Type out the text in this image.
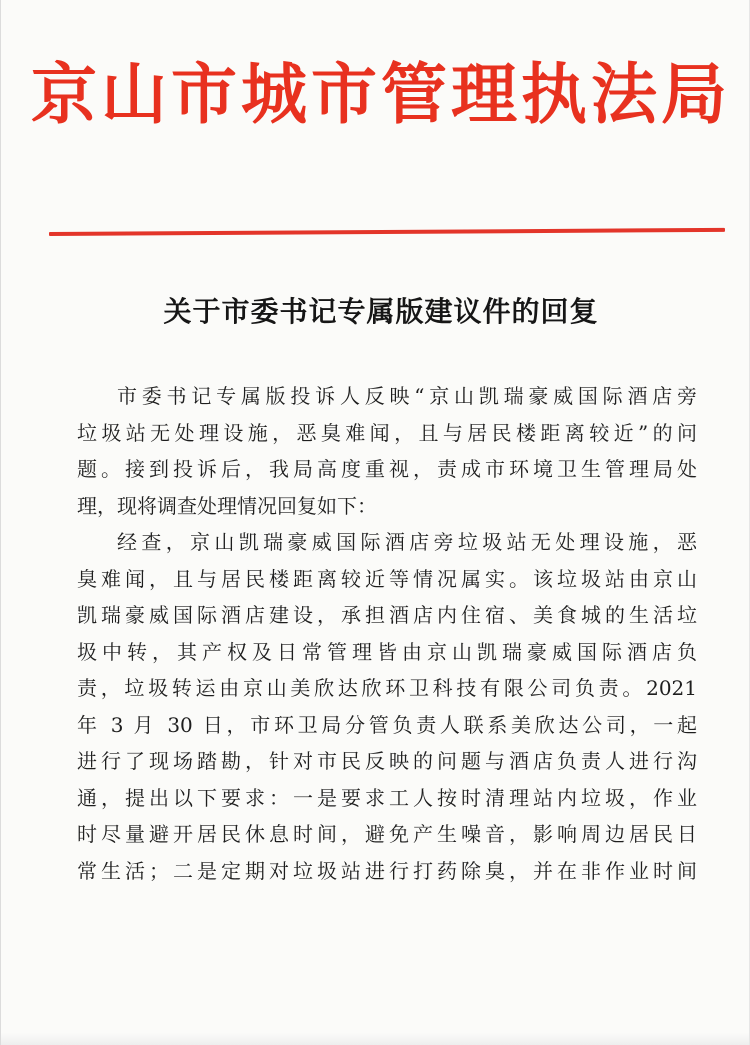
京山市城市管理执法局
关于市委书记专属版建议件的回复
市委书记专属版投诉人反映“京山凯瑞豪威国际酒店旁
垃圾站无处理设施，恶臭难闻，且与居民楼距离较近”的问
题。接到投诉后，我局高度重视，责成市环境卫生管理局处
理，现将调查处理情况回复如下：
经查，京山凯瑞豪威国际酒店旁垃圾站无处理设施，恶
臭难闻，且与居民楼距离较近等情况属实。该垃圾站由京山
凯瑞豪威国际酒店建设，承担酒店内住宿、美食城的生活垃
圾中转，其产权及日常管理皆由京山凯瑞豪威国际酒店负
责，垃圾转运由京山美欣达欣环卫科技有限公司负责。2021
年 3 月 30 日，市环卫局分管负责人联系美欣达公司，一起
进行了现场踏勘，针对市民反映的问题与酒店负责人进行沟
通，提出以下要求：一是要求工人按时清理站内垃圾，作业
时尽量避开居民休息时间，避免产生噪音，影响周边居民日
常生活；二是定期对垃圾站进行打药除臭，并在非作业时间
